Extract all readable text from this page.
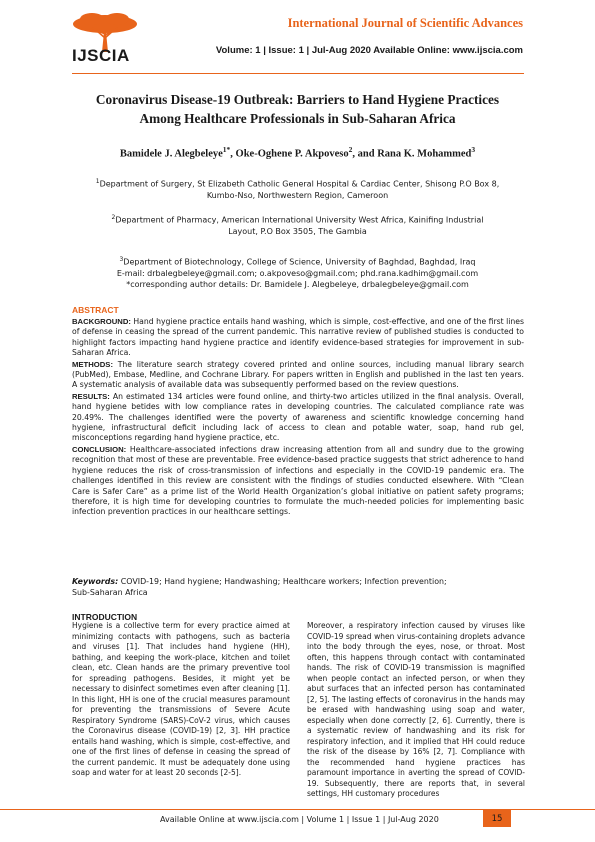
IJSCIA
International Journal of Scientific Advances
Volume: 1 | Issue: 1 | Jul-Aug 2020 Available Online: www.ijscia.com
Coronavirus Disease-19 Outbreak: Barriers to Hand Hygiene Practices
Among Healthcare Professionals in Sub-Saharan Africa
Bamidele J. Alegbeleye$^{1*}$, Oke-Oghene P. Akpoveso$^2$, and Rana K. Mohammed$^3$
$^1$Department of Surgery, St Elizabeth Catholic General Hospital & Cardiac Center, Shisong P.O Box 8,
Kumbo-Nso, Northwestern Region, Cameroon
$^2$Department of Pharmacy, American International University West Africa, Kainifing Industrial
Layout, P.O Box 3505, The Gambia
$^3$Department of Biotechnology, College of Science, University of Baghdad, Baghdad, Iraq
E-mail: drbalegbeleye@gmail.com; o.akpoveso@gmail.com; phd.rana.kadhim@gmail.com
*corresponding author details: Dr. Bamidele J. Alegbeleye, drbalegbeleye@gmail.com
ABSTRACT

BACKGROUND: Hand hygiene practice entails hand washing, which is simple, cost-effective, and one of the first lines of defense in ceasing the spread of the current pandemic. This narrative review of published studies is conducted to highlight factors impacting hand hygiene practice and identify evidence-based strategies for improvement in sub-Saharan Africa.

METHODS: The literature search strategy covered printed and online sources, including manual library search (PubMed), Embase, Medline, and Cochrane Library. For papers written in English and published in the last ten years. A systematic analysis of available data was subsequently performed based on the review questions.

RESULTS: An estimated 134 articles were found online, and thirty-two articles utilized in the final analysis. Overall, hand hygiene betides with low compliance rates in developing countries. The calculated compliance rate was 20.49%. The challenges identified were the poverty of awareness and scientific knowledge concerning hand hygiene, infrastructural deficit including lack of access to clean and potable water, soap, hand rub gel, misconceptions regarding hand hygiene practice, etc.

CONCLUSION: Healthcare-associated infections draw increasing attention from all and sundry due to the growing recognition that most of these are preventable. Free evidence-based practice suggests that strict adherence to hand hygiene reduces the risk of cross-transmission of infections and especially in the COVID-19 pandemic era. The challenges identified in this review are consistent with the findings of studies conducted elsewhere. With “Clean Care is Safer Care” as a prime list of the World Health Organization’s global initiative on patient safety programs; therefore, it is high time for developing countries to formulate the much-needed policies for implementing basic infection prevention practices in our healthcare settings.

Keywords: COVID-19; Hand hygiene; Handwashing; Healthcare workers; Infection prevention;
Sub-Saharan Africa
INTRODUCTION
Hygiene is a collective term for every practice aimed at minimizing contacts with pathogens, such as bacteria and viruses [1]. That includes hand hygiene (HH), bathing, and keeping the work-place, kitchen and toilet clean, etc. Clean hands are the primary preventive tool for spreading pathogens. Besides, it might yet be necessary to disinfect sometimes even after cleaning [1]. In this light, HH is one of the crucial measures paramount for preventing the transmissions of Severe Acute Respiratory Syndrome (SARS)-CoV-2 virus, which causes the Coronavirus disease (COVID-19) [2, 3]. HH practice entails hand washing, which is simple, cost-effective, and one of the first lines of defense in ceasing the spread of the current pandemic. It must be adequately done using soap and water for at least 20 seconds [2-5].
Moreover, a respiratory infection caused by viruses like COVID-19 spread when virus-containing droplets advance into the body through the eyes, nose, or throat. Most often, this happens through contact with contaminated hands. The risk of COVID-19 transmission is magnified when people contact an infected person, or when they abut surfaces that an infected person has contaminated [2, 5]. The lasting effects of coronavirus in the hands may be erased with handwashing using soap and water, especially when done correctly [2, 6]. Currently, there is a systematic review of handwashing and its risk for respiratory infection, and it implied that HH could reduce the risk of the disease by 16% [2, 7]. Compliance with the recommended hand hygiene practices has paramount importance in averting the spread of COVID-19. Subsequently, there are reports that, in several settings, HH customary procedures
Available Online at www.ijscia.com | Volume 1 | Issue 1 | Jul-Aug 2020	15
